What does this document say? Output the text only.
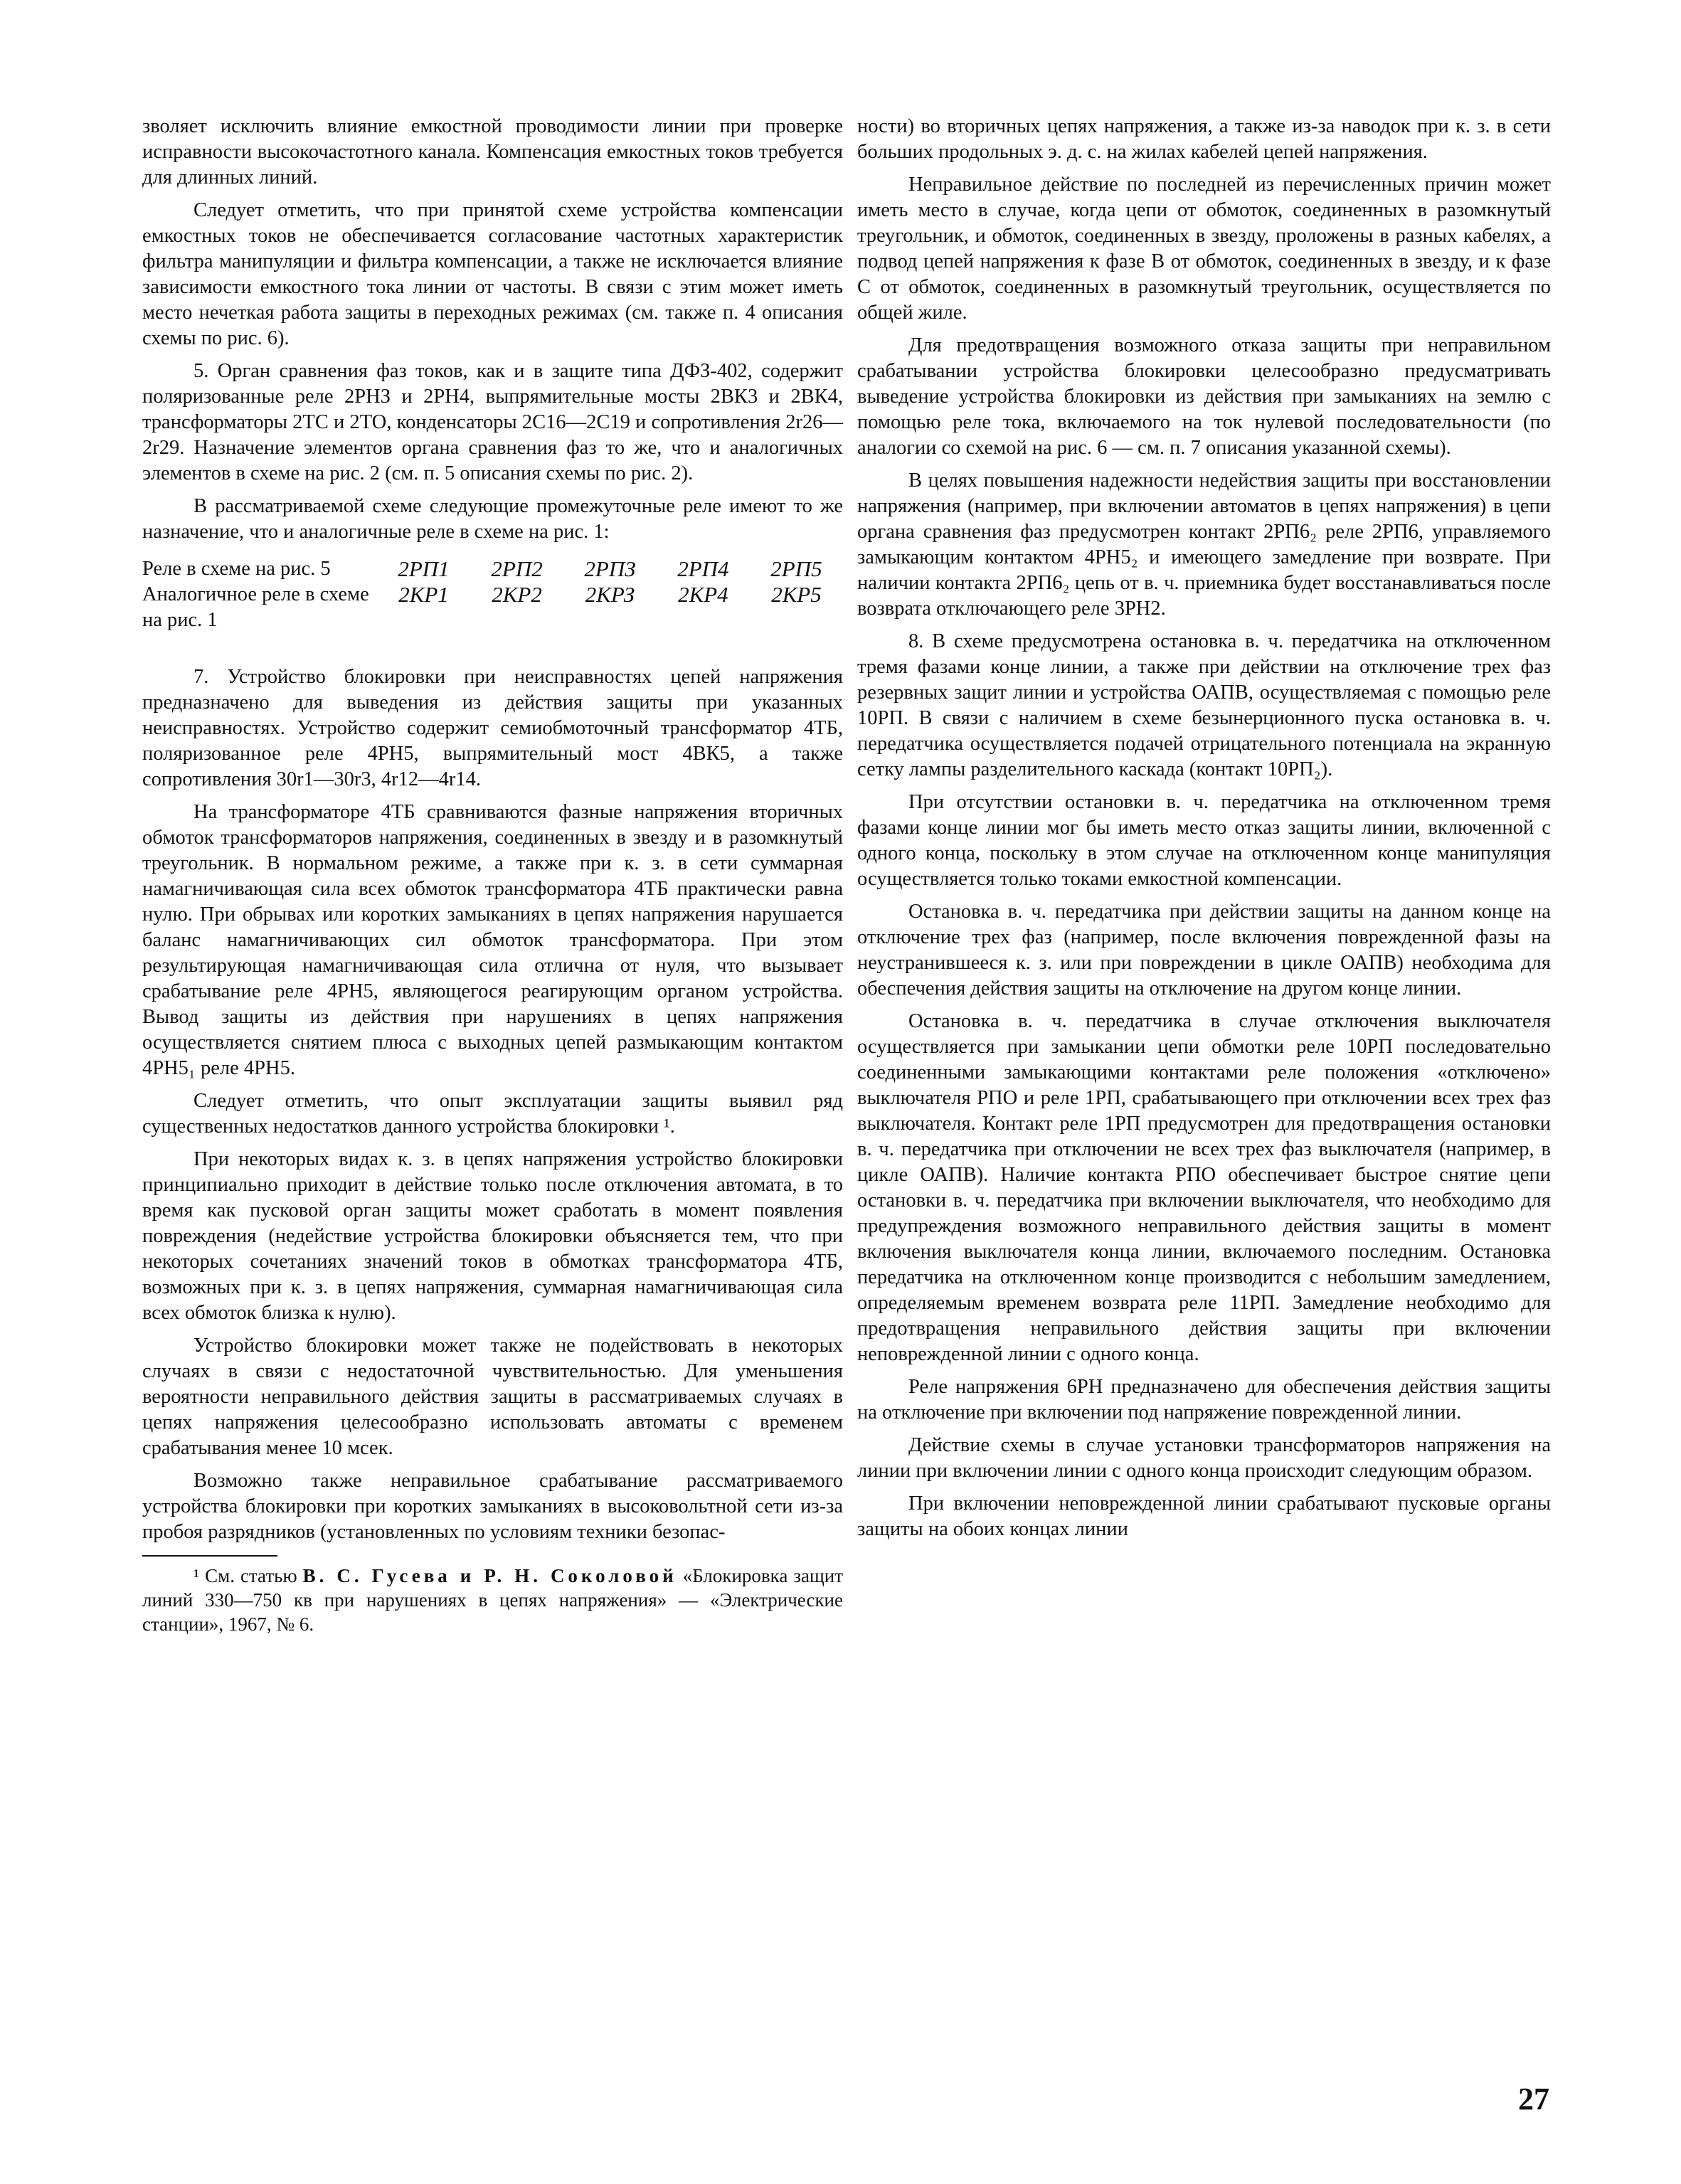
зволяет исключить влияние емкостной проводимости линии при проверке исправности высокочастотного канала. Компенсация емкостных токов требуется для длинных линий.

Следует отметить, что при принятой схеме устройства компенсации емкостных токов не обеспечивается согласование частотных характеристик фильтра манипуляции и фильтра компенсации, а также не исключается влияние зависимости емкостного тока линии от частоты. В связи с этим может иметь место нечеткая работа защиты в переходных режимах (см. также п. 4 описания схемы по рис. 6).

5. Орган сравнения фаз токов, как и в защите типа ДФЗ-402, содержит поляризованные реле 2РНЗ и 2РН4, выпрямительные мосты 2ВК3 и 2ВК4, трансформаторы 2ТС и 2ТО, конденсаторы 2С16—2С19 и сопротивления 2r26—2r29. Назначение элементов органа сравнения фаз то же, что и аналогичных элементов в схеме на рис. 2 (см. п. 5 описания схемы по рис. 2).

В рассматриваемой схеме следующие промежуточные реле имеют то же назначение, что и аналогичные реле в схеме на рис. 1:

Реле в схеме на рис. 5	2РП1	2РП2	2РПЗ	2РП4	2РП5
Аналогичное реле в схеме на рис. 1	2КР1	2КР2	2КРЗ	2КР4	2КР5

7. Устройство блокировки при неисправностях цепей напряжения предназначено для выведения из действия защиты при указанных неисправностях. Устройство содержит семиобмоточный трансформатор 4ТБ, поляризованное реле 4РН5, выпрямительный мост 4ВК5, а также сопротивления 30r1—30r3, 4r12—4r14.

На трансформаторе 4ТБ сравниваются фазные напряжения вторичных обмоток трансформаторов напряжения, соединенных в звезду и в разомкнутый треугольник. В нормальном режиме, а также при к. з. в сети суммарная намагничивающая сила всех обмоток трансформатора 4ТБ практически равна нулю. При обрывах или коротких замыканиях в цепях напряжения нарушается баланс намагничивающих сил обмоток трансформатора. При этом результирующая намагничивающая сила отлична от нуля, что вызывает срабатывание реле 4РН5, являющегося реагирующим органом устройства. Вывод защиты из действия при нарушениях в цепях напряжения осуществляется снятием плюса с выходных цепей размыкающим контактом 4РН5₁ реле 4РН5.

Следует отметить, что опыт эксплуатации защиты выявил ряд существенных недостатков данного устройства блокировки ¹.

При некоторых видах к. з. в цепях напряжения устройство блокировки принципиально приходит в действие только после отключения автомата, в то время как пусковой орган защиты может сработать в момент появления повреждения (недействие устройства блокировки объясняется тем, что при некоторых сочетаниях значений токов в обмотках трансформатора 4ТБ, возможных при к. з. в цепях напряжения, суммарная намагничивающая сила всех обмоток близка к нулю).

Устройство блокировки может также не подействовать в некоторых случаях в связи с недостаточной чувствительностью. Для уменьшения вероятности неправильного действия защиты в рассматриваемых случаях в цепях напряжения целесообразно использовать автоматы с временем срабатывания менее 10 мсек.

Возможно также неправильное срабатывание рассматриваемого устройства блокировки при коротких замыканиях в высоковольтной сети из-за пробоя разрядников (установленных по условиям техники безопас-

¹ См. статью В. С. Гусева и Р. Н. Соколовой «Блокировка защит линий 330—750 кв при нарушениях в цепях напряжения» — «Электрические станции», 1967, № 6.

ности) во вторичных цепях напряжения, а также из-за наводок при к. з. в сети больших продольных э. д. с. на жилах кабелей цепей напряжения.

Неправильное действие по последней из перечисленных причин может иметь место в случае, когда цепи от обмоток, соединенных в разомкнутый треугольник, и обмоток, соединенных в звезду, проложены в разных кабелях, а подвод цепей напряжения к фазе В от обмоток, соединенных в звезду, и к фазе С от обмоток, соединенных в разомкнутый треугольник, осуществляется по общей жиле.

Для предотвращения возможного отказа защиты при неправильном срабатывании устройства блокировки целесообразно предусматривать выведение устройства блокировки из действия при замыканиях на землю с помощью реле тока, включаемого на ток нулевой последовательности (по аналогии со схемой на рис. 6 — см. п. 7 описания указанной схемы).

В целях повышения надежности недействия защиты при восстановлении напряжения (например, при включении автоматов в цепях напряжения) в цепи органа сравнения фаз предусмотрен контакт 2РП6₂ реле 2РП6, управляемого замыкающим контактом 4РН5₂ и имеющего замедление при возврате. При наличии контакта 2РП6₂ цепь от в. ч. приемника будет восстанавливаться после возврата отключающего реле 3РН2.

8. В схеме предусмотрена остановка в. ч. передатчика на отключенном тремя фазами конце линии, а также при действии на отключение трех фаз резервных защит линии и устройства ОАПВ, осуществляемая с помощью реле 10РП. В связи с наличием в схеме безынерционного пуска остановка в. ч. передатчика осуществляется подачей отрицательного потенциала на экранную сетку лампы разделительного каскада (контакт 10РП₂).

При отсутствии остановки в. ч. передатчика на отключенном тремя фазами конце линии мог бы иметь место отказ защиты линии, включенной с одного конца, поскольку в этом случае на отключенном конце манипуляция осуществляется только токами емкостной компенсации.

Остановка в. ч. передатчика при действии защиты на данном конце на отключение трех фаз (например, после включения поврежденной фазы на неустранившееся к. з. или при повреждении в цикле ОАПВ) необходима для обеспечения действия защиты на отключение на другом конце линии.

Остановка в. ч. передатчика в случае отключения выключателя осуществляется при замыкании цепи обмотки реле 10РП последовательно соединенными замыкающими контактами реле положения «отключено» выключателя РПО и реле 1РП, срабатывающего при отключении всех трех фаз выключателя. Контакт реле 1РП предусмотрен для предотвращения остановки в. ч. передатчика при отключении не всех трех фаз выключателя (например, в цикле ОАПВ). Наличие контакта РПО обеспечивает быстрое снятие цепи остановки в. ч. передатчика при включении выключателя, что необходимо для предупреждения возможного неправильного действия защиты в момент включения выключателя конца линии, включаемого последним. Остановка передатчика на отключенном конце производится с небольшим замедлением, определяемым временем возврата реле 11РП. Замедление необходимо для предотвращения неправильного действия защиты при включении неповрежденной линии с одного конца.

Реле напряжения 6РН предназначено для обеспечения действия защиты на отключение при включении под напряжение поврежденной линии.

Действие схемы в случае установки трансформаторов напряжения на линии при включении линии с одного конца происходит следующим образом.

При включении неповрежденной линии срабатывают пусковые органы защиты на обоих концах линии

27
